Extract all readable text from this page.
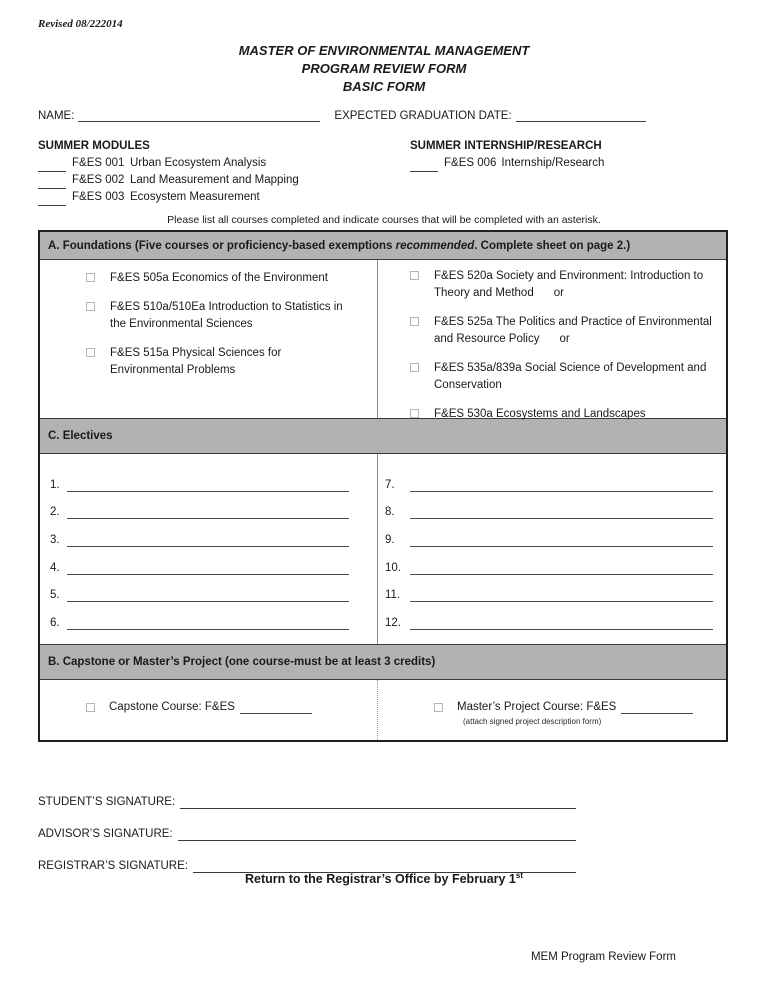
Revised 08/222014
MASTER OF ENVIRONMENTAL MANAGEMENT
PROGRAM REVIEW FORM
BASIC FORM
NAME:	EXPECTED GRADUATION DATE:
SUMMER MODULES
F&ES 001 Urban Ecosystem Analysis
F&ES 002 Land Measurement and Mapping
F&ES 003 Ecosystem Measurement
SUMMER INTERNSHIP/RESEARCH
F&ES 006 Internship/Research
Please list all courses completed and indicate courses that will be completed with an asterisk.
A. Foundations (Five courses or proficiency-based exemptions recommended. Complete sheet on page 2.)
F&ES 505a Economics of the Environment
F&ES 510a/510Ea Introduction to Statistics in the Environmental Sciences
F&ES 515a Physical Sciences for Environmental Problems
F&ES 520a Society and Environment: Introduction to Theory and Method or
F&ES 525a The Politics and Practice of Environmental and Resource Policy or
F&ES 535a/839a Social Science of Development and Conservation
F&ES 530a Ecosystems and Landscapes
C. Electives
1.
2.
3.
4.
5.
6.
7.
8.
9.
10.
11.
12.
B. Capstone or Master’s Project (one course-must be at least 3 credits)
Capstone Course: F&ES	Master’s Project Course: F&ES
(attach signed project description form)
STUDENT’S SIGNATURE:
ADVISOR’S SIGNATURE:
REGISTRAR’S SIGNATURE:
Return to the Registrar’s Office by February 1st
MEM Program Review Form
